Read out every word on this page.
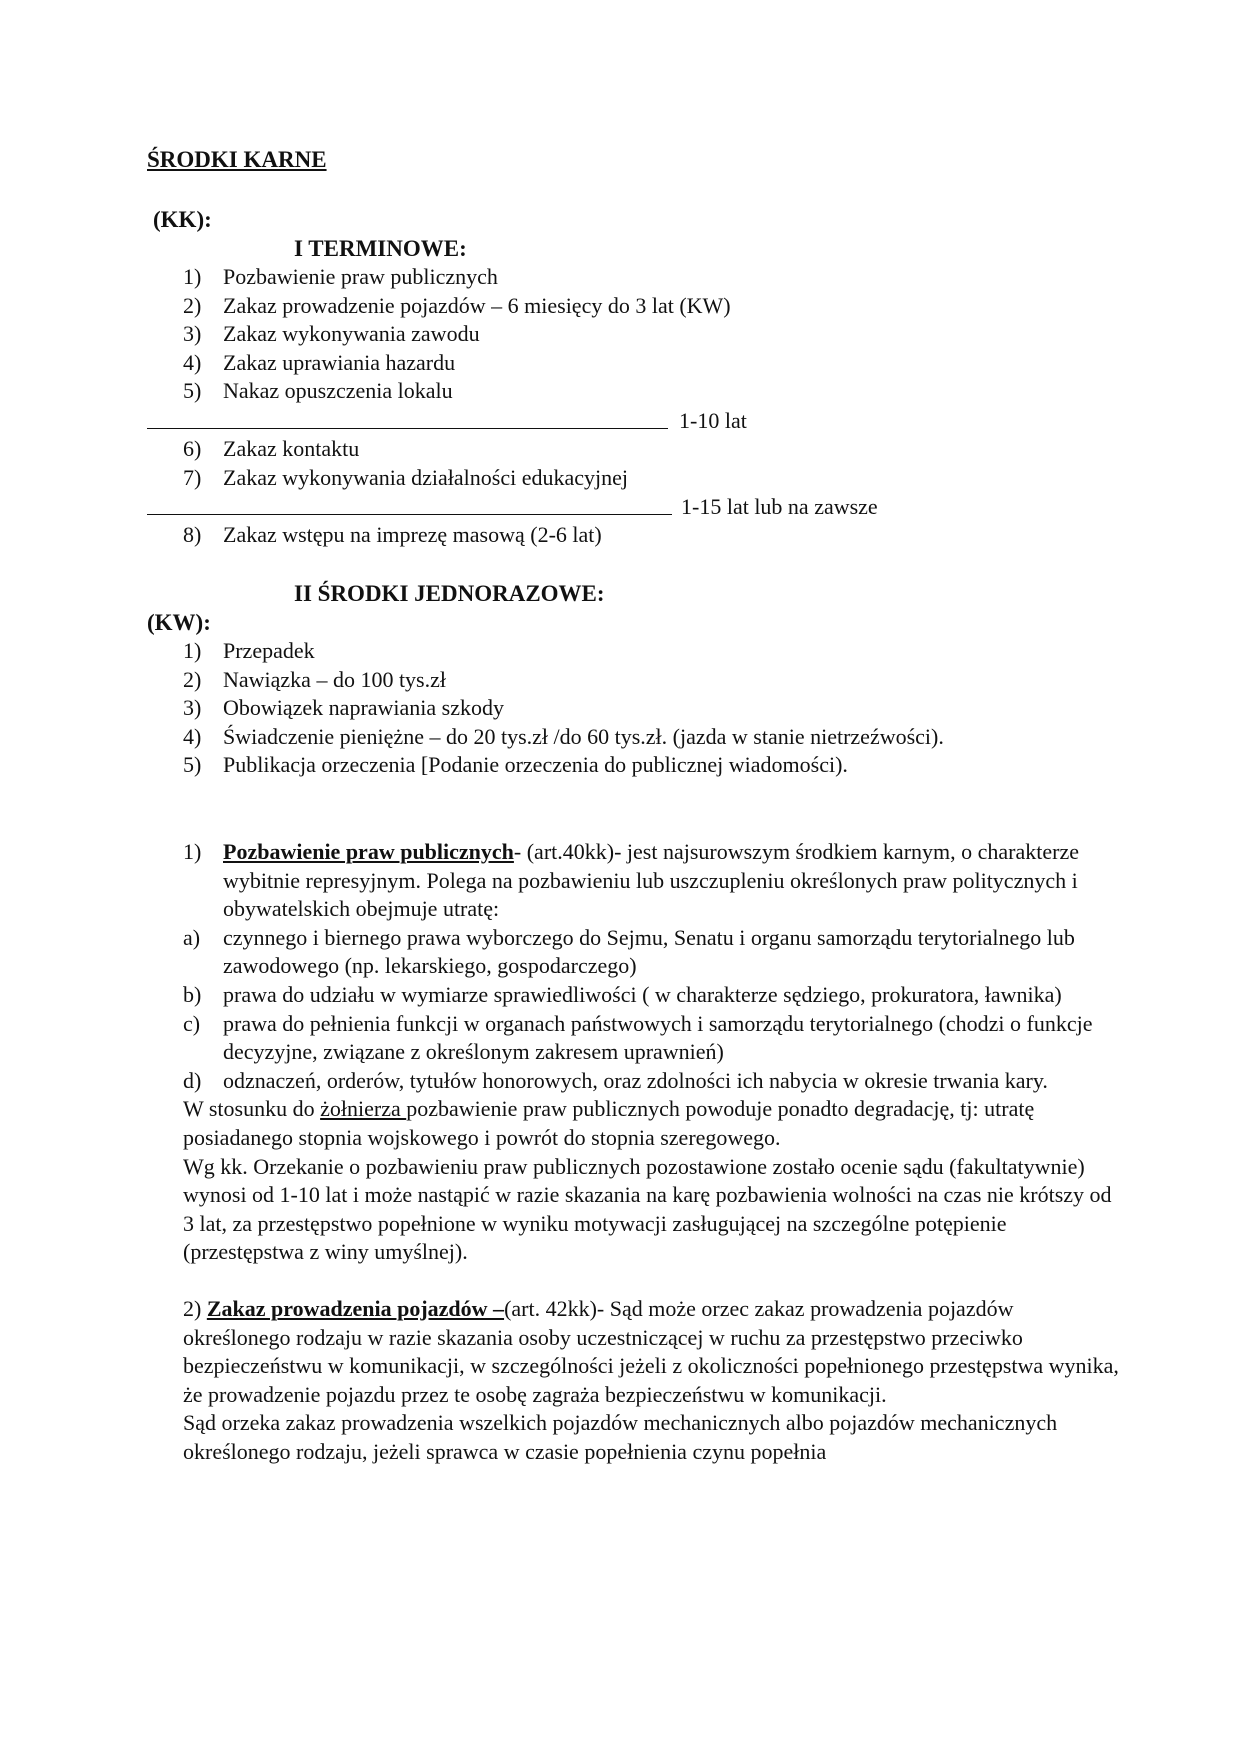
ŚRODKI KARNE
(KK):
I TERMINOWE:
1) Pozbawienie praw publicznych
2) Zakaz prowadzenie pojazdów – 6 miesięcy do 3 lat (KW)
3) Zakaz wykonywania zawodu
4) Zakaz uprawiania hazardu
5) Nakaz opuszczenia lokalu
1-10 lat
6) Zakaz kontaktu
7) Zakaz wykonywania działalności edukacyjnej
1-15 lat lub na zawsze
8) Zakaz wstępu na imprezę masową (2-6 lat)
II ŚRODKI JEDNORAZOWE:
(KW):
1) Przepadek
2) Nawiązka – do 100 tys.zł
3) Obowiązek naprawiania szkody
4) Świadczenie pieniężne – do 20 tys.zł /do 60 tys.zł. (jazda w stanie nietrzeźwości).
5) Publikacja orzeczenia [Podanie orzeczenia do publicznej wiadomości).

1) Pozbawienie praw publicznych- (art.40kk)- jest najsurowszym środkiem karnym, o charakterze wybitnie represyjnym. Polega na pozbawieniu lub uszczupleniu określonych praw politycznych i obywatelskich obejmuje utratę:

a) czynnego i biernego prawa wyborczego do Sejmu, Senatu i organu samorządu terytorialnego lub zawodowego (np. lekarskiego, gospodarczego)

b) prawa do udziału w wymiarze sprawiedliwości ( w charakterze sędziego, prokuratora, ławnika)

c) prawa do pełnienia funkcji w organach państwowych i samorządu terytorialnego (chodzi o funkcje decyzyjne, związane z określonym zakresem uprawnień)

d) odznaczeń, orderów, tytułów honorowych, oraz zdolności ich nabycia w okresie trwania kary.

W stosunku do żołnierza pozbawienie praw publicznych powoduje ponadto degradację, tj: utratę posiadanego stopnia wojskowego i powrót do stopnia szeregowego.

Wg kk. Orzekanie o pozbawieniu praw publicznych pozostawione zostało ocenie sądu (fakultatywnie) wynosi od 1-10 lat i może nastąpić w razie skazania na karę pozbawienia wolności na czas nie krótszy od 3 lat, za przestępstwo popełnione w wyniku motywacji zasługującej na szczególne potępienie (przestępstwa z winy umyślnej).

2) Zakaz prowadzenia pojazdów –(art. 42kk)- Sąd może orzec zakaz prowadzenia pojazdów określonego rodzaju w razie skazania osoby uczestniczącej w ruchu za przestępstwo przeciwko bezpieczeństwu w komunikacji, w szczególności jeżeli z okoliczności popełnionego przestępstwa wynika, że prowadzenie pojazdu przez te osobę zagraża bezpieczeństwu w komunikacji.

Sąd orzeka zakaz prowadzenia wszelkich pojazdów mechanicznych albo pojazdów mechanicznych określonego rodzaju, jeżeli sprawca w czasie popełnienia czynu popełnia
